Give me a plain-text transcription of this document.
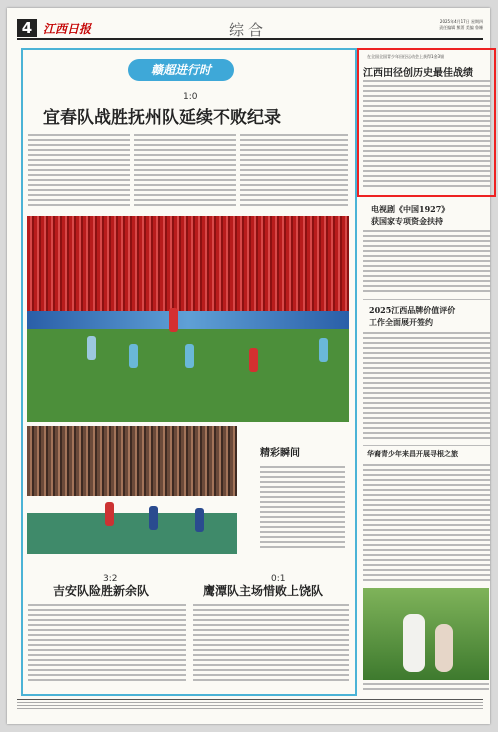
4 江西日报	综合	2025年4月17日 星期四
责任编辑 熊菁 美编 鲁姗
赣超进行时
1:0
宜春队战胜抚州队延续不败纪录
精彩瞬间
3:2
吉安队险胜新余队
0:1
鹰潭队主场惜败上饶队
在全国全国青少年田径运动会上获得1金3银
江西田径创历史最佳战绩
电视剧《中国1927》
获国家专项资金扶持
2025江西品牌价值评价
工作全面展开签约
华裔青少年来昌开展寻根之旅
